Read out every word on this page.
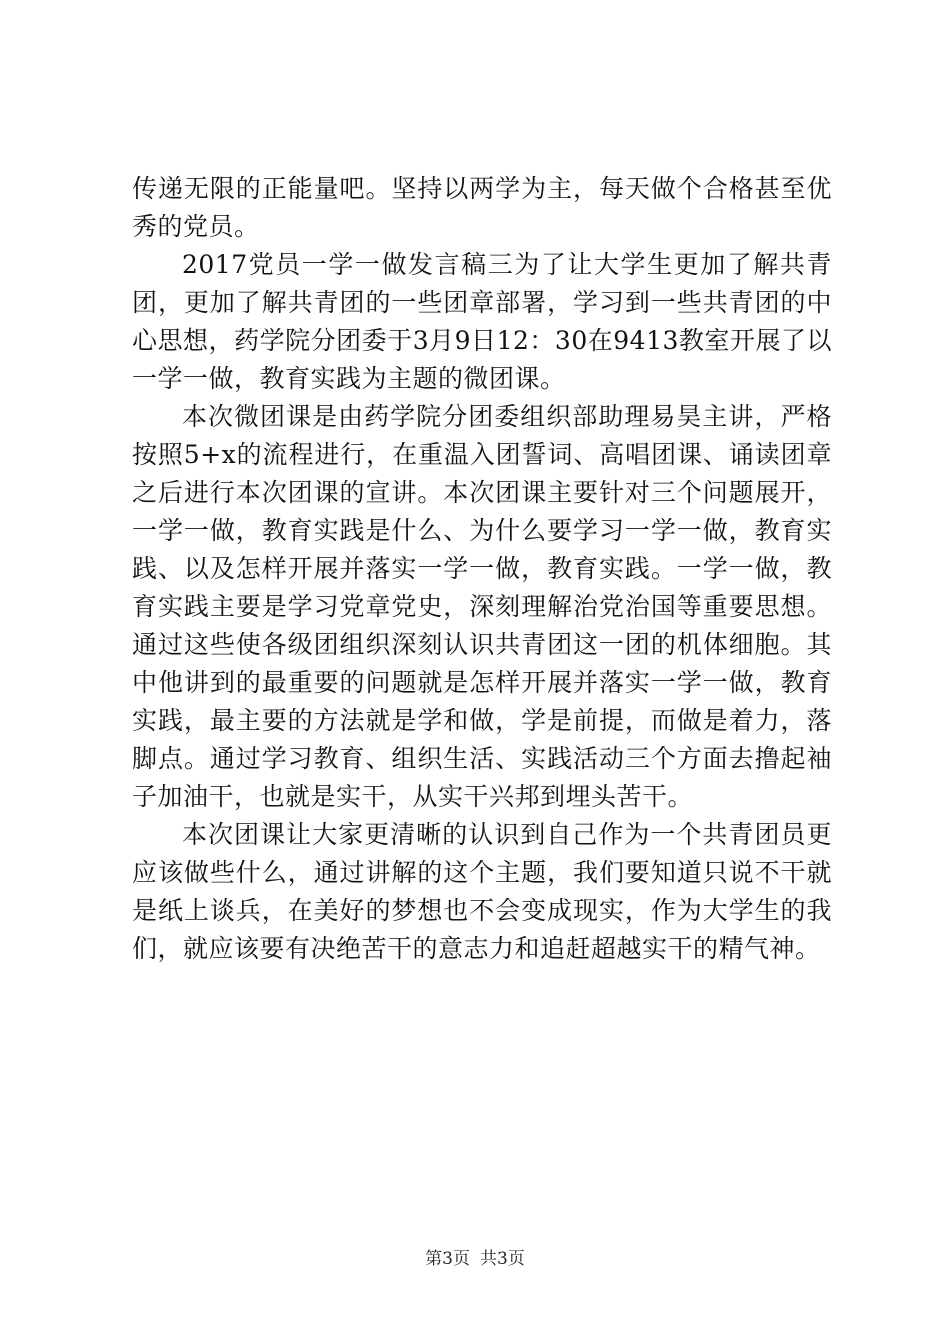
传递无限的正能量吧。坚持以两学为主，每天做个合格甚至优秀的党员。

2017党员一学一做发言稿三为了让大学生更加了解共青团，更加了解共青团的一些团章部署，学习到一些共青团的中心思想，药学院分团委于3月9日12：30在9413教室开展了以一学一做，教育实践为主题的微团课。

本次微团课是由药学院分团委组织部助理易昊主讲，严格按照5+x的流程进行，在重温入团誓词、高唱团课、诵读团章之后进行本次团课的宣讲。本次团课主要针对三个问题展开，一学一做，教育实践是什么、为什么要学习一学一做，教育实践、以及怎样开展并落实一学一做，教育实践。一学一做，教育实践主要是学习党章党史，深刻理解治党治国等重要思想。通过这些使各级团组织深刻认识共青团这一团的机体细胞。其中他讲到的最重要的问题就是怎样开展并落实一学一做，教育实践，最主要的方法就是学和做，学是前提，而做是着力，落脚点。通过学习教育、组织生活、实践活动三个方面去撸起袖子加油干，也就是实干，从实干兴邦到埋头苦干。

本次团课让大家更清晰的认识到自己作为一个共青团员更应该做些什么，通过讲解的这个主题，我们要知道只说不干就是纸上谈兵，在美好的梦想也不会变成现实，作为大学生的我们，就应该要有决绝苦干的意志力和追赶超越实干的精气神。

第3页 共3页
